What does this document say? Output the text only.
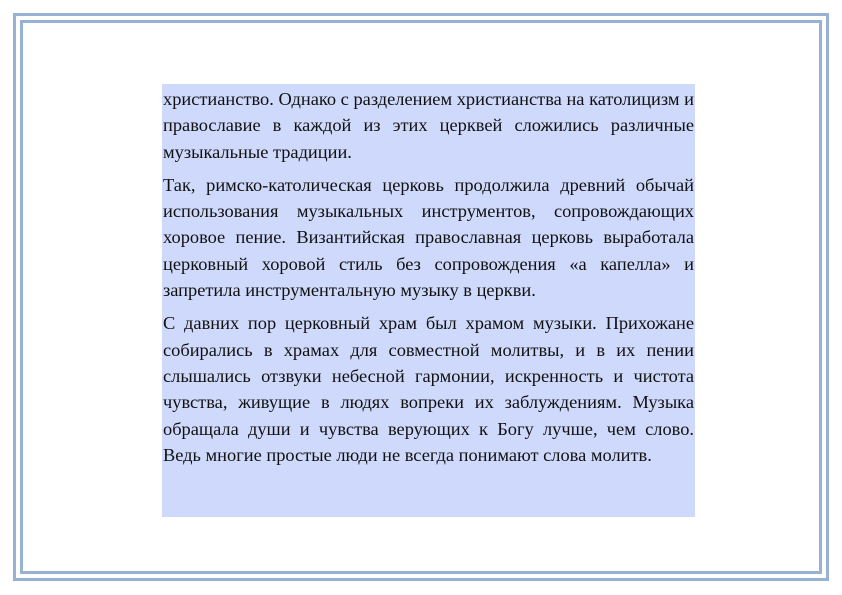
христианство. Однако с разделением христианства на католицизм и православие в каждой из этих церквей сложились различные музыкальные традиции.

Так, римско-католическая церковь продолжила древний обычай использования музыкальных инструментов, сопровождающих хоровое пение. Византийская православная церковь выработала церковный хоровой стиль без сопровождения «а капелла» и запретила инструментальную музыку в церкви.

С давних пор церковный храм был храмом музыки. Прихожане собирались в храмах для совместной молитвы, и в их пении слышались отзвуки небесной гармонии, искренность и чистота чувства, живущие в людях вопреки их заблуждениям. Музыка обращала души и чувства верующих к Богу лучше, чем слово. Ведь многие простые люди не всегда понимают слова молитв.
